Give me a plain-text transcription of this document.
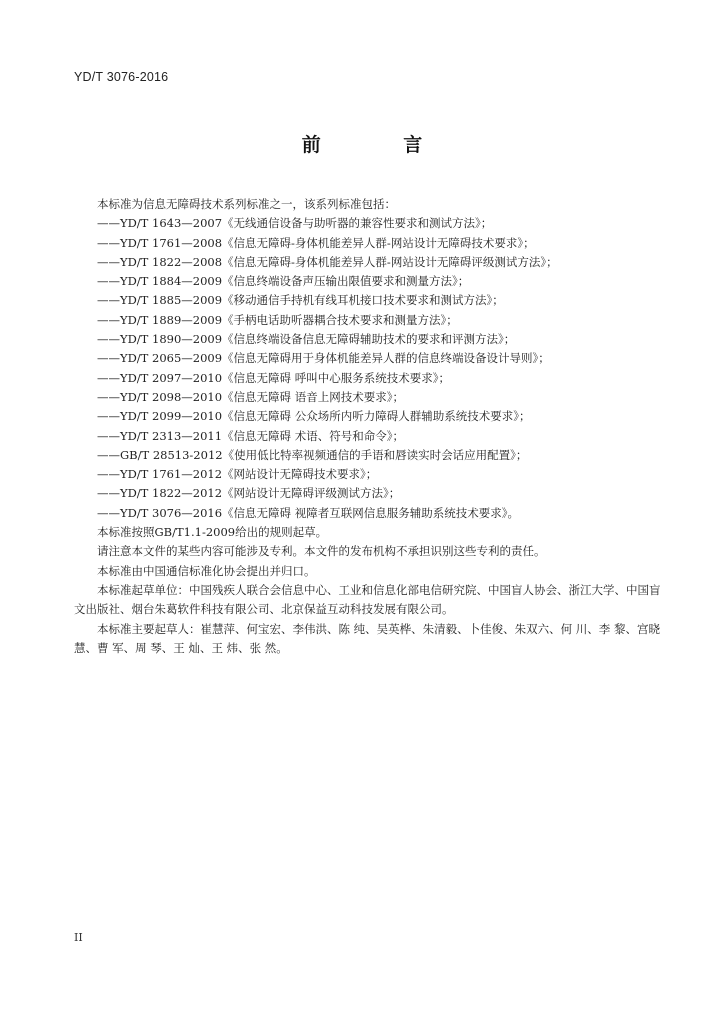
YD/T 3076-2016
前 言

本标准为信息无障碍技术系列标准之一，该系列标准包括：

——YD/T 1643—2007《无线通信设备与助听器的兼容性要求和测试方法》；
——YD/T 1761—2008《信息无障碍-身体机能差异人群-网站设计无障碍技术要求》；
——YD/T 1822—2008《信息无障碍-身体机能差异人群-网站设计无障碍评级测试方法》；
——YD/T 1884—2009《信息终端设备声压输出限值要求和测量方法》；
——YD/T 1885—2009《移动通信手持机有线耳机接口技术要求和测试方法》；
——YD/T 1889—2009《手柄电话助听器耦合技术要求和测量方法》；
——YD/T 1890—2009《信息终端设备信息无障碍辅助技术的要求和评测方法》；
——YD/T 2065—2009《信息无障碍用于身体机能差异人群的信息终端设备设计导则》；
——YD/T 2097—2010《信息无障碍 呼叫中心服务系统技术要求》；
——YD/T 2098—2010《信息无障碍 语音上网技术要求》；
——YD/T 2099—2010《信息无障碍 公众场所内听力障碍人群辅助系统技术要求》；
——YD/T 2313—2011《信息无障碍 术语、符号和命令》；
——GB/T 28513-2012《使用低比特率视频通信的手语和唇读实时会话应用配置》；
——YD/T 1761—2012《网站设计无障碍技术要求》；
——YD/T 1822—2012《网站设计无障碍评级测试方法》；
——YD/T 3076—2016《信息无障碍 视障者互联网信息服务辅助系统技术要求》。

本标准按照GB/T1.1-2009给出的规则起草。

请注意本文件的某些内容可能涉及专利。本文件的发布机构不承担识别这些专利的责任。

本标准由中国通信标准化协会提出并归口。

本标准起草单位：中国残疾人联合会信息中心、工业和信息化部电信研究院、中国盲人协会、浙江大学、中国盲文出版社、烟台朱葛软件科技有限公司、北京保益互动科技发展有限公司。

本标准主要起草人：崔慧萍、何宝宏、李伟洪、陈 纯、吴英桦、朱清毅、卜佳俊、朱双六、何 川、李 黎、宫晓慧、曹 军、周 琴、王 灿、王 炜、张 然。

II
